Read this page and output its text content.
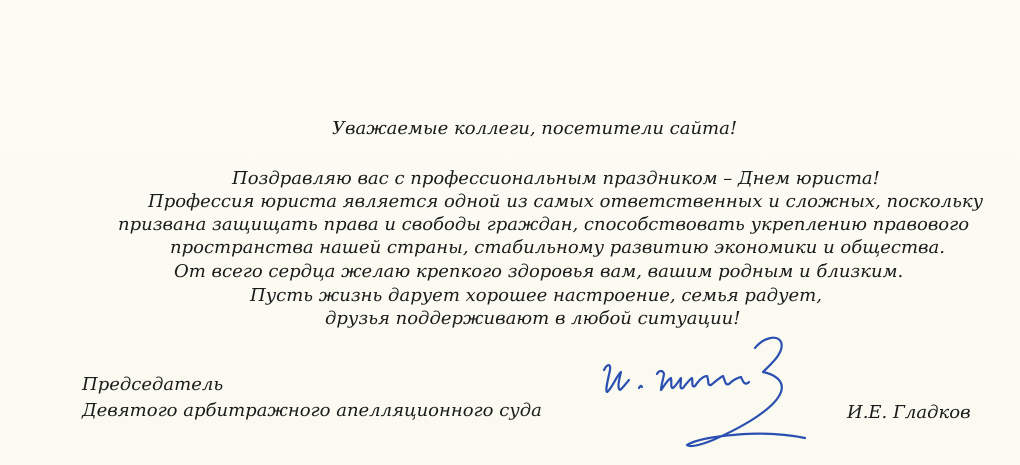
Уважаемые коллеги, посетители сайта!
Поздравляю вас с профессиональным праздником – Днем юриста!
Профессия юриста является одной из самых ответственных и сложных, поскольку
призвана защищать права и свободы граждан, способствовать укреплению правового
пространства нашей страны, стабильному развитию экономики и общества.
От всего сердца желаю крепкого здоровья вам, вашим родным и близким.
Пусть жизнь дарует хорошее настроение, семья радует,
друзья поддерживают в любой ситуации!
Председатель
Девятого арбитражного апелляционного суда	И.Е. Гладков
